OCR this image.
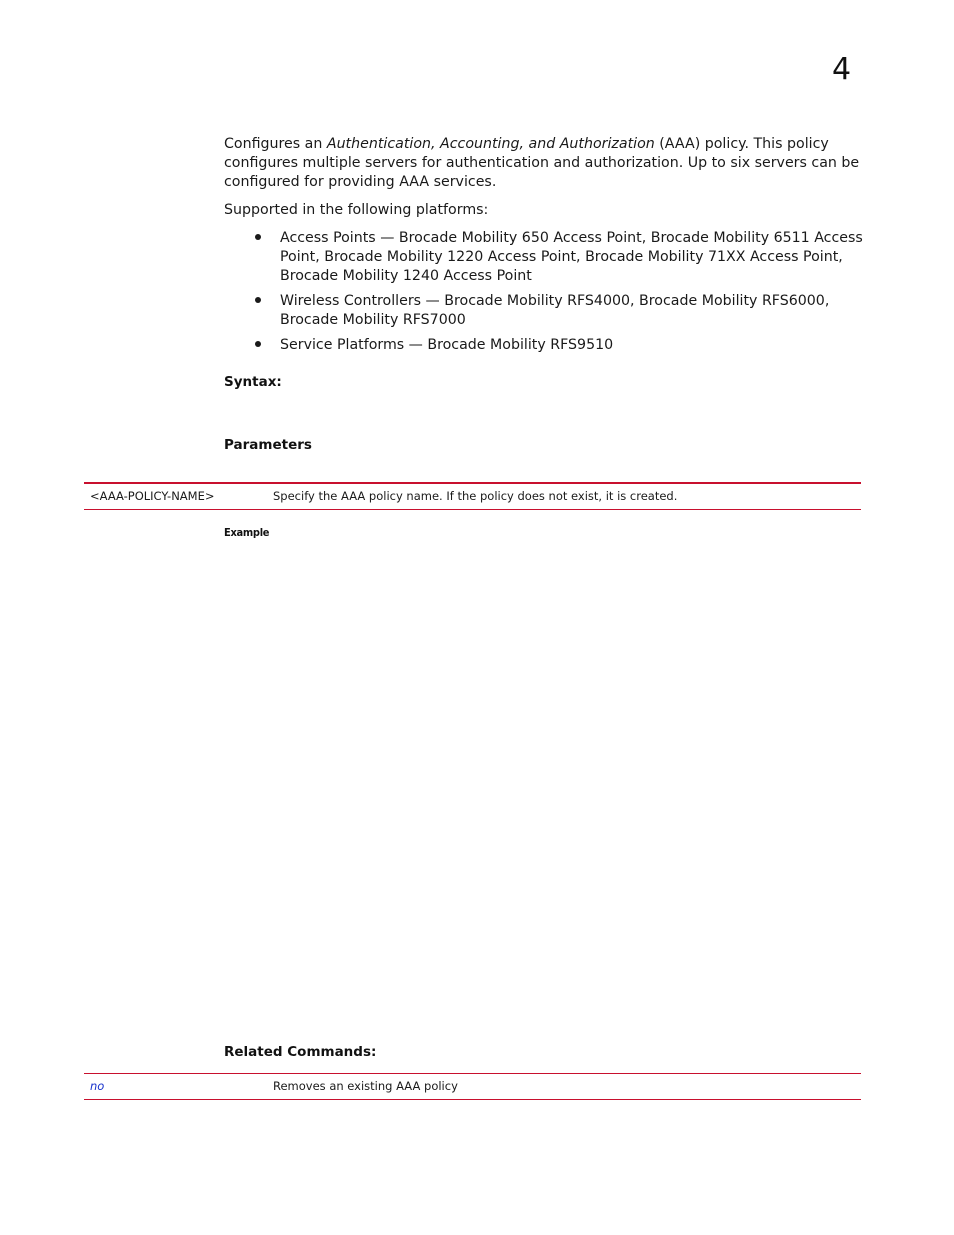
4

Configures an Authentication, Accounting, and Authorization (AAA) policy. This policy configures multiple servers for authentication and authorization. Up to six servers can be configured for providing AAA services.

Supported in the following platforms:
Access Points — Brocade Mobility 650 Access Point, Brocade Mobility 6511 Access Point, Brocade Mobility 1220 Access Point, Brocade Mobility 71XX Access Point, Brocade Mobility 1240 Access Point
Wireless Controllers — Brocade Mobility RFS4000, Brocade Mobility RFS6000, Brocade Mobility RFS7000
Service Platforms — Brocade Mobility RFS9510
Syntax:
Parameters
<AAA-POLICY-NAME>	Specify the AAA policy name. If the policy does not exist, it is created.
Example
Related Commands:
no	Removes an existing AAA policy
